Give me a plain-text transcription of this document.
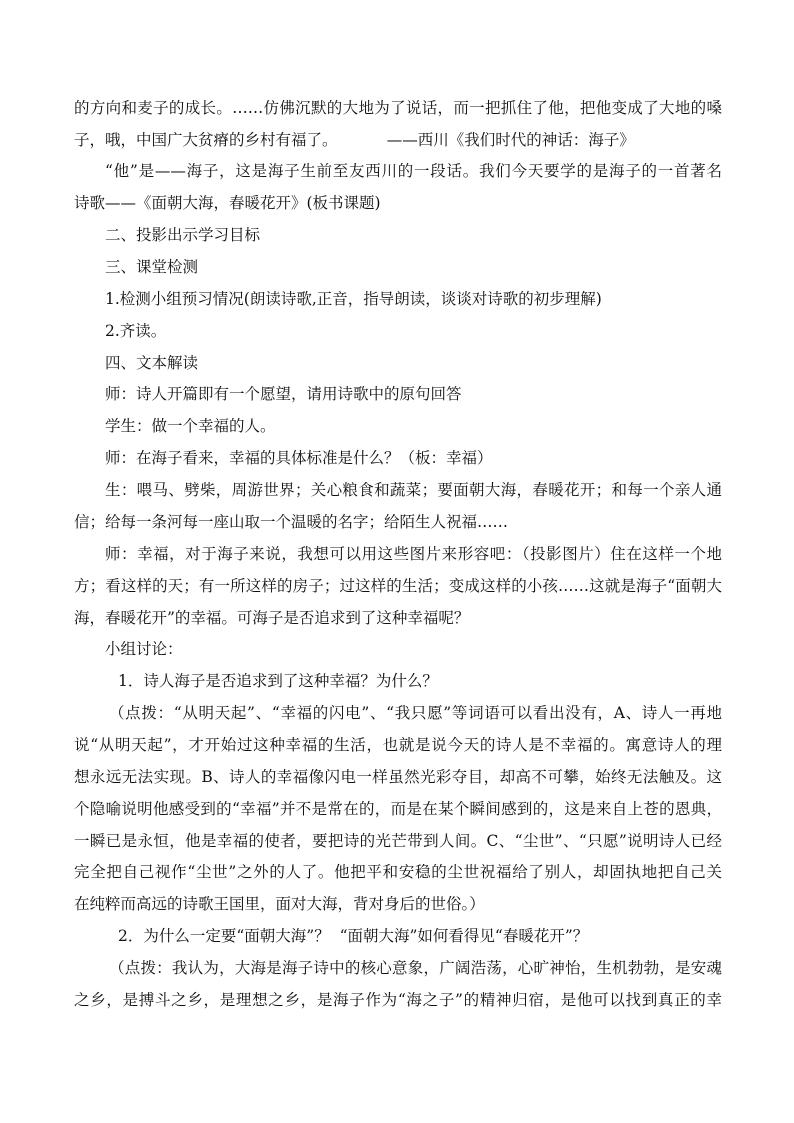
的方向和麦子的成长。……仿佛沉默的大地为了说话，而一把抓住了他，把他变成了大地的嗓
子，哦，中国广大贫瘠的乡村有福了。          ——西川《我们时代的神话：海子》
“他”是——海子，这是海子生前至友西川的一段话。我们今天要学的是海子的一首著名
诗歌——《面朝大海，春暖花开》(板书课题)
二、投影出示学习目标
三、课堂检测
1.检测小组预习情况(朗读诗歌,正音，指导朗读，谈谈对诗歌的初步理解)
2.齐读。
四、文本解读
师：诗人开篇即有一个愿望，请用诗歌中的原句回答
学生：做一个幸福的人。
师：在海子看来，幸福的具体标准是什么？（板：幸福）
生：喂马、劈柴，周游世界；关心粮食和蔬菜；要面朝大海，春暖花开；和每一个亲人通
信；给每一条河每一座山取一个温暖的名字；给陌生人祝福……
师：幸福，对于海子来说，我想可以用这些图片来形容吧：（投影图片）住在这样一个地
方；看这样的天；有一所这样的房子；过这样的生活；变成这样的小孩……这就是海子“面朝大
海，春暖花开”的幸福。可海子是否追求到了这种幸福呢？
小组讨论：
1．诗人海子是否追求到了这种幸福？为什么？
（点拨：“从明天起”、“幸福的闪电”、“我只愿”等词语可以看出没有，A、诗人一再地
说“从明天起”，才开始过这种幸福的生活，也就是说今天的诗人是不幸福的。寓意诗人的理
想永远无法实现。B、诗人的幸福像闪电一样虽然光彩夺目，却高不可攀，始终无法触及。这
个隐喻说明他感受到的“幸福”并不是常在的，而是在某个瞬间感到的，这是来自上苍的恩典，
一瞬已是永恒，他是幸福的使者，要把诗的光芒带到人间。C、“尘世”、“只愿”说明诗人已经
完全把自己视作“尘世”之外的人了。他把平和安稳的尘世祝福给了别人，却固执地把自己关
在纯粹而高远的诗歌王国里，面对大海，背对身后的世俗。）
2．为什么一定要“面朝大海”？  “面朝大海”如何看得见“春暖花开”？
（点拨：我认为，大海是海子诗中的核心意象，广阔浩荡，心旷神怡，生机勃勃，是安魂
之乡，是搏斗之乡，是理想之乡，是海子作为“海之子”的精神归宿，是他可以找到真正的幸
